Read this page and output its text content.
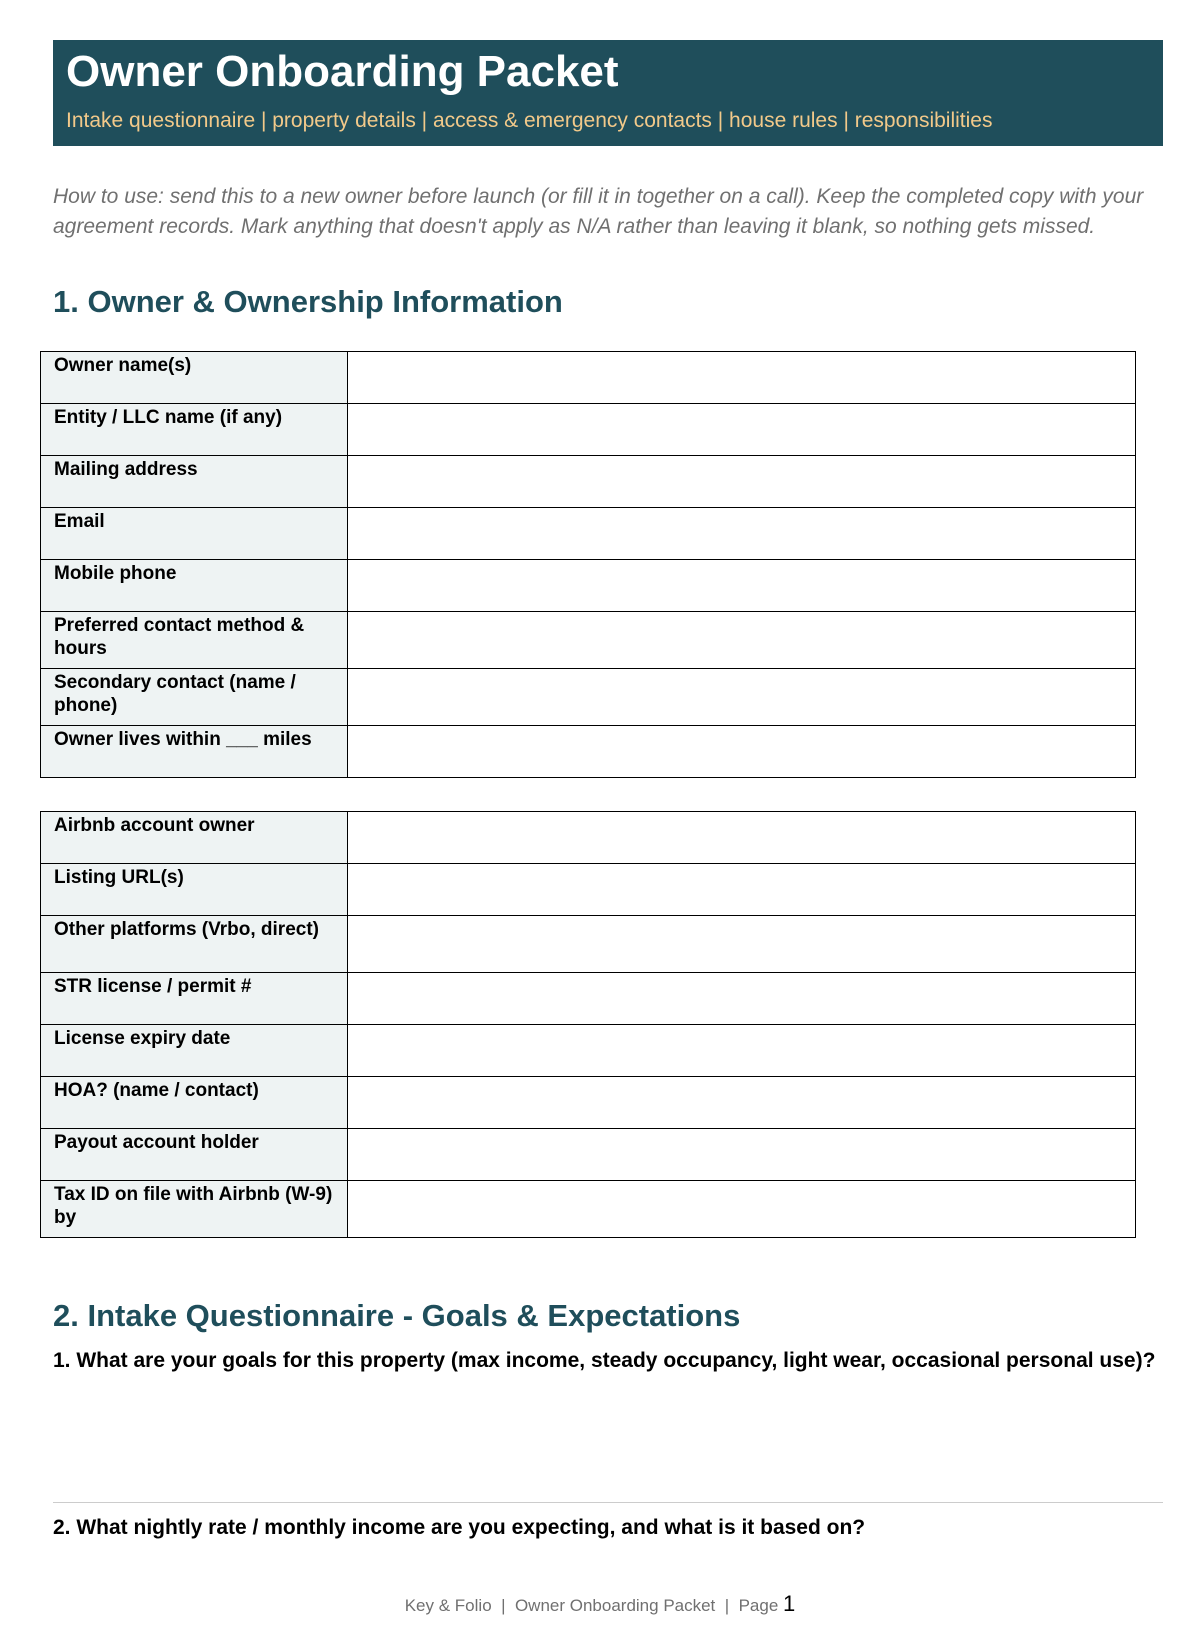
Owner Onboarding Packet
Intake questionnaire | property details | access & emergency contacts | house rules | responsibilities
How to use: send this to a new owner before launch (or fill it in together on a call). Keep the completed copy with your agreement records. Mark anything that doesn't apply as N/A rather than leaving it blank, so nothing gets missed.
1. Owner & Ownership Information
Owner name(s)	
Entity / LLC name (if any)	
Mailing address	
Email	
Mobile phone	
Preferred contact method & hours	
Secondary contact (name / phone)	
Owner lives within ___ miles	
Airbnb account owner	
Listing URL(s)	
Other platforms (Vrbo, direct)	
STR license / permit #	
License expiry date	
HOA? (name / contact)	
Payout account holder	
Tax ID on file with Airbnb (W-9) by	
2. Intake Questionnaire - Goals & Expectations
1. What are your goals for this property (max income, steady occupancy, light wear, occasional personal use)?
2. What nightly rate / monthly income are you expecting, and what is it based on?
Key & Folio  |  Owner Onboarding Packet  |  Page 1
